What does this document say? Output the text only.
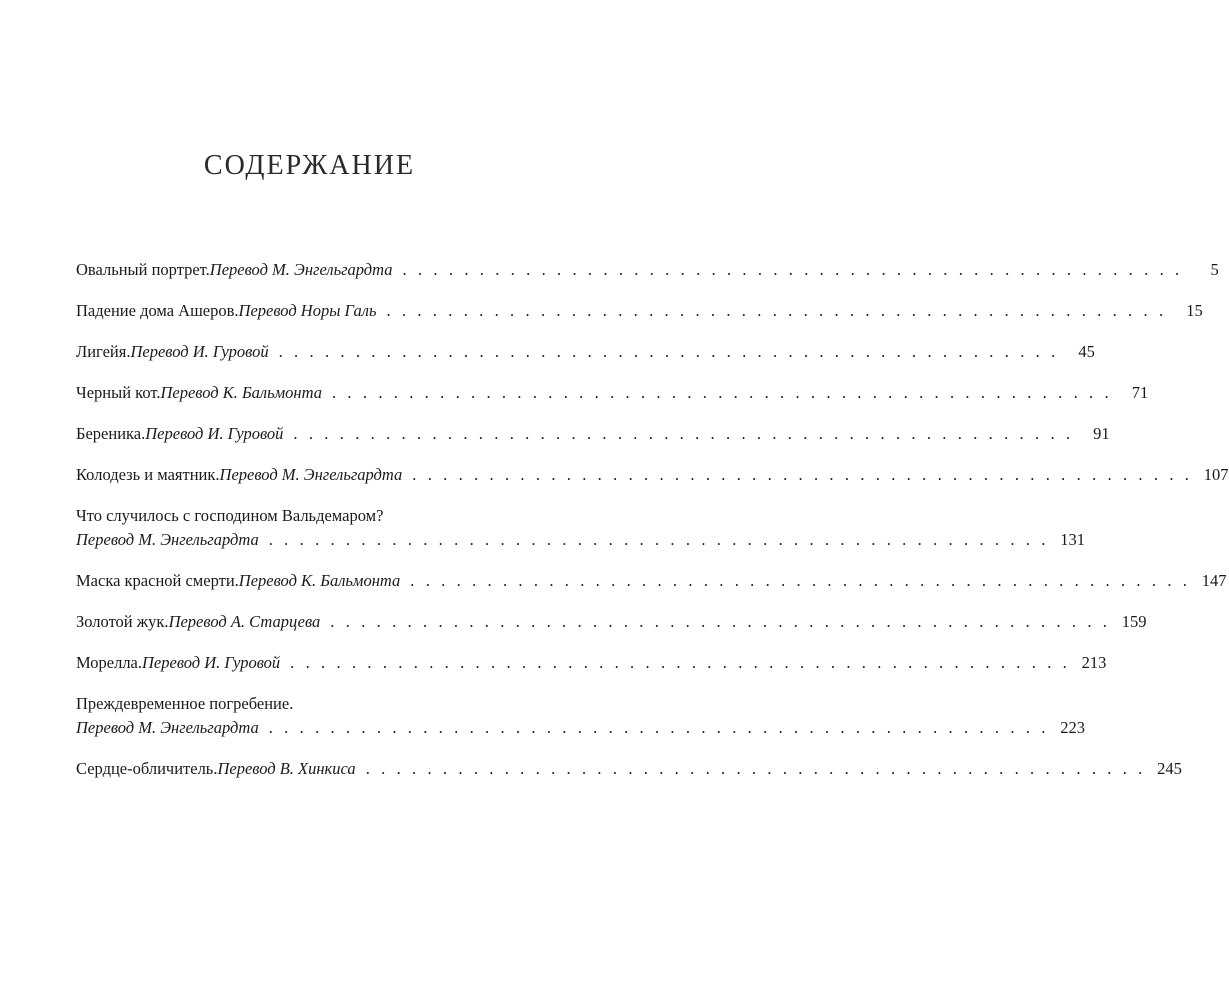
СОДЕРЖАНИЕ
Овальный портрет. Перевод М. Энгельгардта . . . . . . . . . . . . . . . . . . . . . . . . . . . . . . . . . . . . . . . . . . . . . . . . . . .	5
Падение дома Ашеров. Перевод Норы Галь . . . . . . . . . . . . . . . . . . . . . . . . . . . . . . . . . . . . . . . . . . . . . . . . . . .	15
Лигейя. Перевод И. Гуровой . . . . . . . . . . . . . . . . . . . . . . . . . . . . . . . . . . . . . . . . . . . . . . . . . . .	45
Черный кот. Перевод К. Бальмонта . . . . . . . . . . . . . . . . . . . . . . . . . . . . . . . . . . . . . . . . . . . . . . . . . . .	71
Береника. Перевод И. Гуровой . . . . . . . . . . . . . . . . . . . . . . . . . . . . . . . . . . . . . . . . . . . . . . . . . . .	91
Колодезь и маятник. Перевод М. Энгельгардта . . . . . . . . . . . . . . . . . . . . . . . . . . . . . . . . . . . . . . . . . . . . . . . . . . . 107
Что случилось с господином Вальдемаром?
Перевод М. Энгельгардта . . . . . . . . . . . . . . . . . . . . . . . . . . . . . . . . . . . . . . . . . . . . . . . . . . . 131
Маска красной смерти. Перевод К. Бальмонта . . . . . . . . . . . . . . . . . . . . . . . . . . . . . . . . . . . . . . . . . . . . . . . . . . . 147
Золотой жук. Перевод А. Старцева . . . . . . . . . . . . . . . . . . . . . . . . . . . . . . . . . . . . . . . . . . . . . . . . . . . 159
Морелла. Перевод И. Гуровой . . . . . . . . . . . . . . . . . . . . . . . . . . . . . . . . . . . . . . . . . . . . . . . . . . . 213
Преждевременное погребение.
Перевод М. Энгельгардта . . . . . . . . . . . . . . . . . . . . . . . . . . . . . . . . . . . . . . . . . . . . . . . . . . . 223
Сердце-обличитель. Перевод В. Хинкиса . . . . . . . . . . . . . . . . . . . . . . . . . . . . . . . . . . . . . . . . . . . . . . . . . . . 245
